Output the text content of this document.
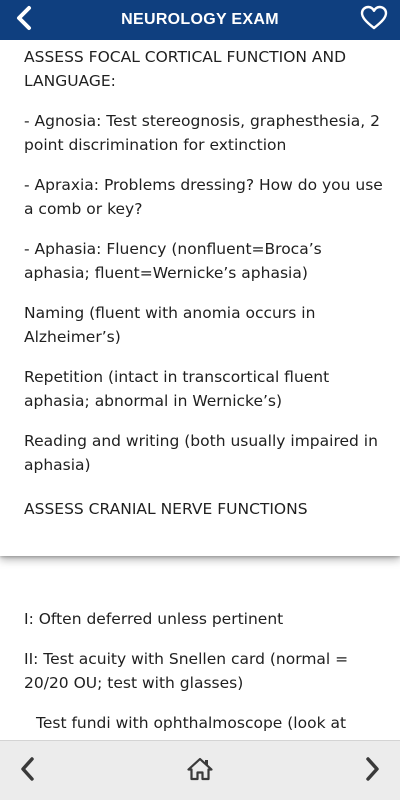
NEUROLOGY EXAM

ASSESS FOCAL CORTICAL FUNCTION AND LANGUAGE:

- Agnosia: Test stereognosis, graphesthesia, 2 point discrimination for extinction

- Apraxia: Problems dressing? How do you use a comb or key?

- Aphasia: Fluency (nonfluent=Broca’s aphasia; fluent=Wernicke’s aphasia)

Naming (fluent with anomia occurs in Alzheimer’s)

Repetition (intact in transcortical fluent aphasia; abnormal in Wernicke’s)

Reading and writing (both usually impaired in aphasia)

ASSESS CRANIAL NERVE FUNCTIONS

I: Often deferred unless pertinent

II: Test acuity with Snellen card (normal = 20/20 OU; test with glasses)

Test fundi with ophthalmoscope (look at
